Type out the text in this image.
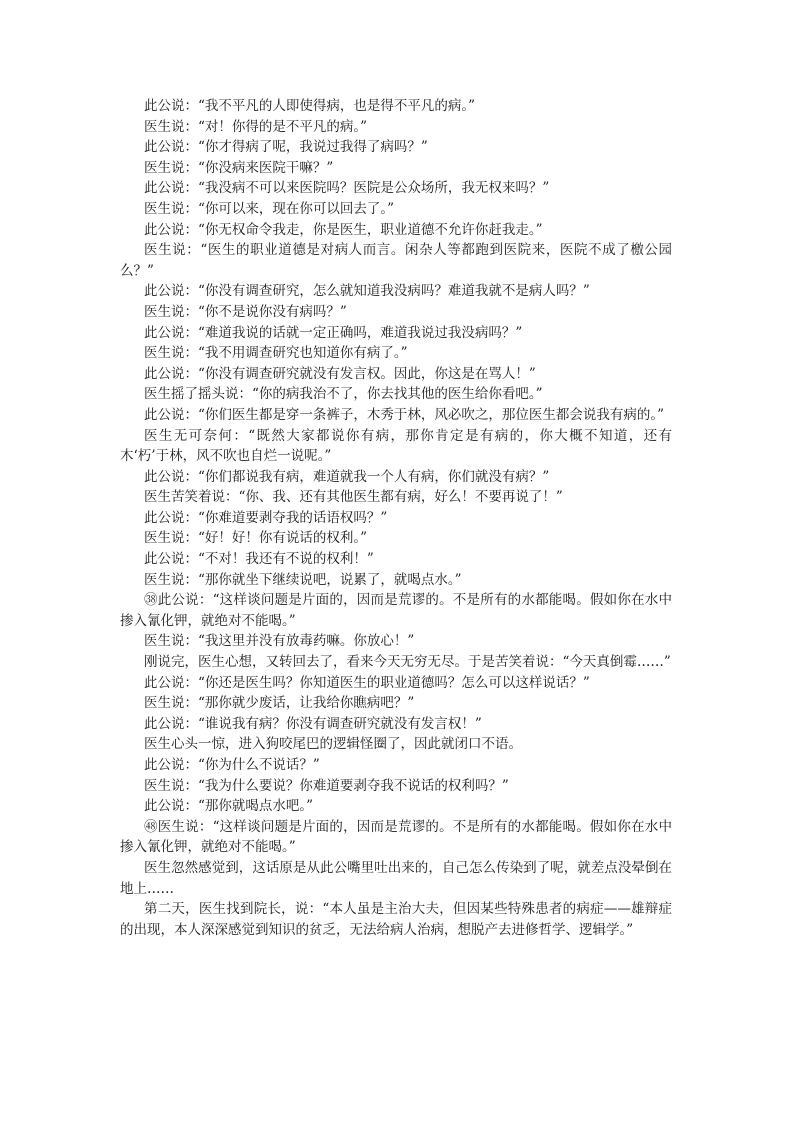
此公说：“我不平凡的人即使得病，也是得不平凡的病。”

医生说：“对！你得的是不平凡的病。”

此公说：“你才得病了呢，我说过我得了病吗？”

医生说：“你没病来医院干嘛？”

此公说：“我没病不可以来医院吗？医院是公众场所，我无权来吗？”

医生说：“你可以来，现在你可以回去了。”

此公说：“你无权命令我走，你是医生，职业道德不允许你赶我走。”

医生说：“医生的职业道德是对病人而言。闲杂人等都跑到医院来，医院不成了檄公园么？”

此公说：“你没有调查研究，怎么就知道我没病吗？难道我就不是病人吗？”

医生说：“你不是说你没有病吗？”

此公说：“难道我说的话就一定正确吗，难道我说过我没病吗？”

医生说：“我不用调查研究也知道你有病了。”

此公说：“你没有调查研究就没有发言权。因此，你这是在骂人！”

医生摇了摇头说：“你的病我治不了，你去找其他的医生给你看吧。”

此公说：“你们医生都是穿一条裤子，木秀于林，风必吹之，那位医生都会说我有病的。”

医生无可奈何：“既然大家都说你有病，那你肯定是有病的，你大概不知道，还有木‘朽’于林，风不吹也自烂一说呢。”

此公说：“你们都说我有病，难道就我一个人有病，你们就没有病？”

医生苦笑着说：“你、我、还有其他医生都有病，好么！不要再说了！”

此公说：“你难道要剥夺我的话语权吗？”

医生说：“好！好！你有说话的权利。”

此公说：“不对！我还有不说的权利！”

医生说：“那你就坐下继续说吧，说累了，就喝点水。”

㊳此公说：“这样谈问题是片面的，因而是荒谬的。不是所有的水都能喝。假如你在水中掺入氰化钾，就绝对不能喝。”

医生说：“我这里并没有放毒药嘛。你放心！”

刚说完，医生心想，又转回去了，看来今天无穷无尽。于是苦笑着说：“今天真倒霉……”

此公说：“你还是医生吗？你知道医生的职业道德吗？怎么可以这样说话？”

医生说：“那你就少废话，让我给你瞧病吧？”

此公说：“谁说我有病？你没有调查研究就没有发言权！”

医生心头一惊，进入狗咬尾巴的逻辑怪圈了，因此就闭口不语。

此公说：“你为什么不说话？”

医生说：“我为什么要说？你难道要剥夺我不说话的权利吗？”

此公说：“那你就喝点水吧。”

㊽医生说：“这样谈问题是片面的，因而是荒谬的。不是所有的水都能喝。假如你在水中掺入氰化钾，就绝对不能喝。”

医生忽然感觉到，这话原是从此公嘴里吐出来的，自己怎么传染到了呢，就差点没晕倒在地上……

第二天，医生找到院长，说：“本人虽是主治大夫，但因某些特殊患者的病症——雄辩症的出现，本人深深感觉到知识的贫乏，无法给病人治病，想脱产去进修哲学、逻辑学。”
